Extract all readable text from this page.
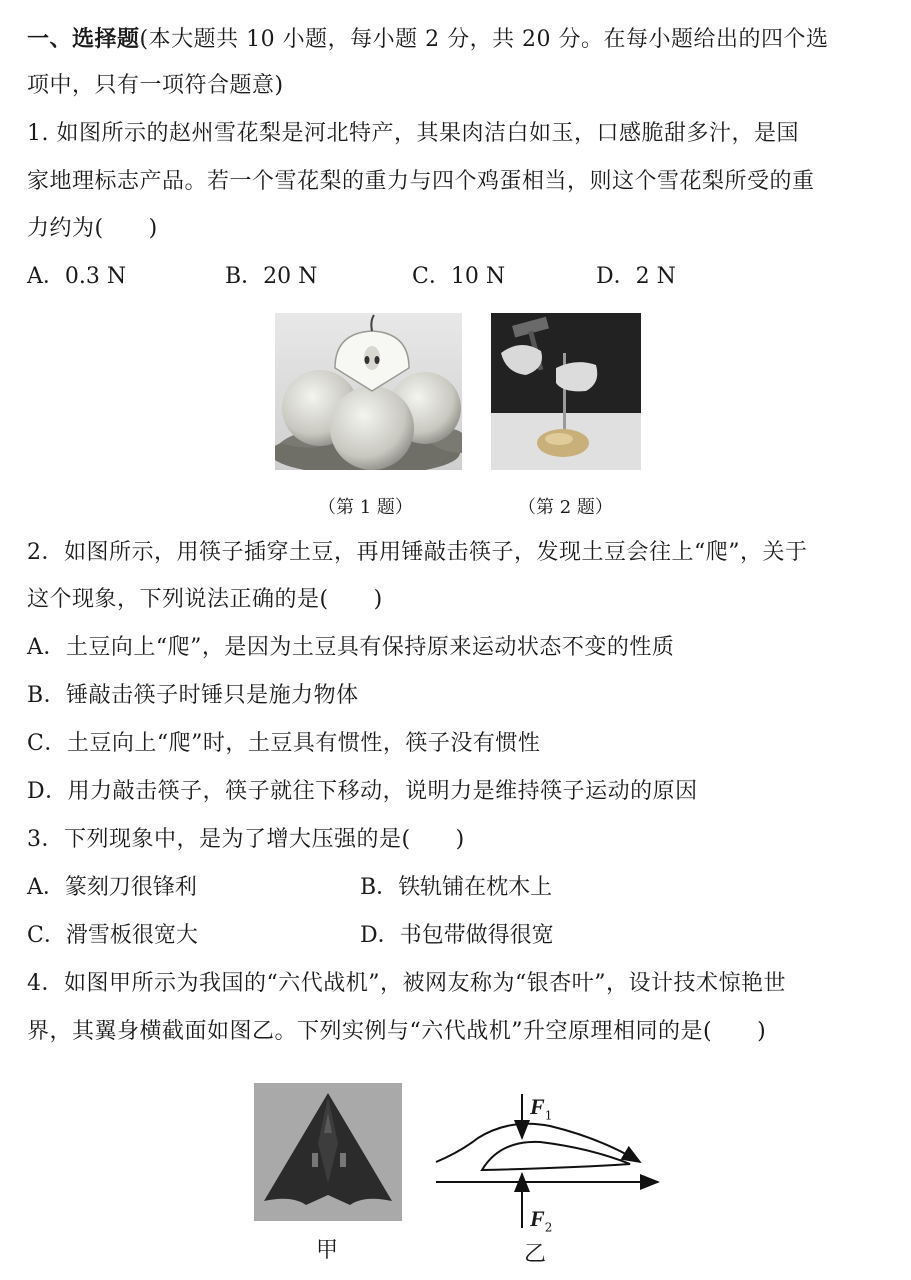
一、选择题(本大题共 10 小题，每小题 2 分，共 20 分。在每小题给出的四个选
项中，只有一项符合题意)
1. 如图所示的赵州雪花梨是河北特产，其果肉洁白如玉，口感脆甜多汁，是国
家地理标志产品。若一个雪花梨的重力与四个鸡蛋相当，则这个雪花梨所受的重
力约为(　　)
A．0.3 N	B．20 N	C．10 N	D．2 N
（第 1 题）	（第 2 题）
2．如图所示，用筷子插穿土豆，再用锤敲击筷子，发现土豆会往上“爬”，关于
这个现象，下列说法正确的是(　　)
A．土豆向上“爬”，是因为土豆具有保持原来运动状态不变的性质
B．锤敲击筷子时锤只是施力物体
C．土豆向上“爬”时，土豆具有惯性，筷子没有惯性
D．用力敲击筷子，筷子就往下移动，说明力是维持筷子运动的原因
3．下列现象中，是为了增大压强的是(　　)
A．篆刻刀很锋利	B．铁轨铺在枕木上
C．滑雪板很宽大	D．书包带做得很宽
4．如图甲所示为我国的“六代战机”，被网友称为“银杏叶”，设计技术惊艳世
界，其翼身横截面如图乙。下列实例与“六代战机”升空原理相同的是(　　)
$F_1$
$F_2$
甲	乙
